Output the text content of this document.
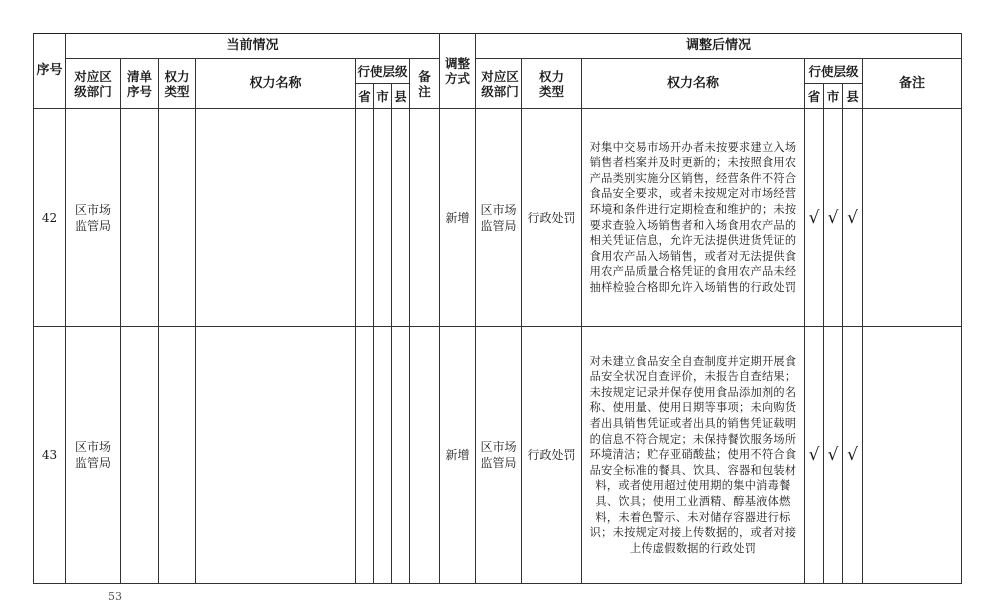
序号	当前情况								调整方式	调整后情况						
	对应区级部门	清单序号	权力类型	权力名称	行使层级			备注		对应区级部门	权力类型	权力名称	行使层级			备注
					省	市	县						省	市	县	
42	区市场监管局								新增	区市场监管局	行政处罚	对集中交易市场开办者未按要求建立入场销售者档案并及时更新的；未按照食用农产品类别实施分区销售，经营条件不符合食品安全要求，或者未按规定对市场经营环境和条件进行定期检查和维护的；未按要求查验入场销售者和入场食用农产品的相关凭证信息，允许无法提供进货凭证的食用农产品入场销售，或者对无法提供食用农产品质量合格凭证的食用农产品未经抽样检验合格即允许入场销售的行政处罚	√	√	√	
43	区市场监管局								新增	区市场监管局	行政处罚	对未建立食品安全自查制度并定期开展食品安全状况自查评价，未报告自查结果；未按规定记录并保存使用食品添加剂的名称、使用量、使用日期等事项；未向购货者出具销售凭证或者出具的销售凭证载明的信息不符合规定；未保持餐饮服务场所环境清洁；贮存亚硝酸盐；使用不符合食品安全标准的餐具、饮具、容器和包装材料，或者使用超过使用期的集中消毒餐具、饮具；使用工业酒精、醇基液体燃料，未着色警示、未对储存容器进行标识；未按规定对接上传数据的，或者对接上传虚假数据的行政处罚	√	√	√	
53
